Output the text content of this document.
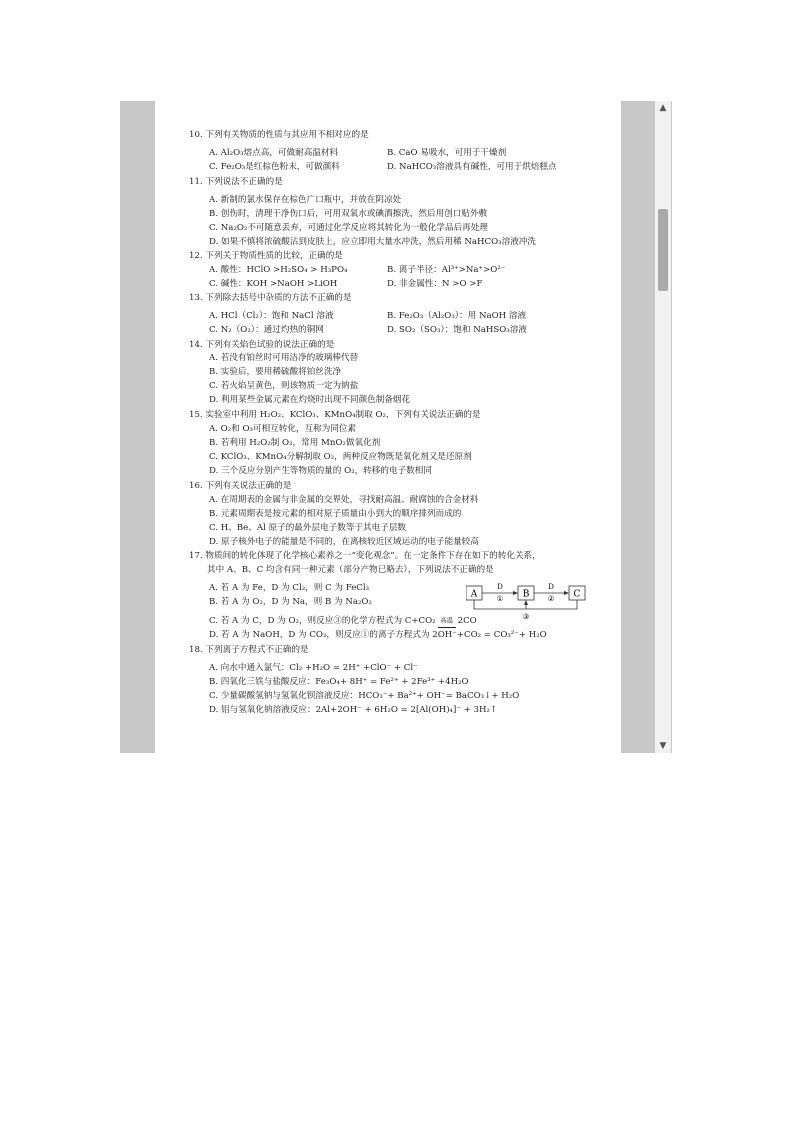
10. 下列有关物质的性质与其应用不相对应的是
A. Al₂O₃熔点高，可做耐高温材料	B. CaO 易吸水，可用于干燥剂
C. Fe₂O₃是红棕色粉末，可做颜料	D. NaHCO₃溶液具有碱性，可用于烘焙糕点
11. 下列说法不正确的是
A. 新制的氯水保存在棕色广口瓶中，并放在阴凉处
B. 创伤时，清理干净伤口后，可用双氧水或碘酒擦洗，然后用创口贴外敷
C. Na₂O₂不可随意丢弃，可通过化学反应将其转化为一般化学品后再处理
D. 如果不慎将浓硫酸沾到皮肤上，应立即用大量水冲洗，然后用稀 NaHCO₃溶液冲洗
12. 下列关于物质性质的比较，正确的是
A. 酸性：HClO >H₂SO₄ > H₃PO₄	B. 离子半径：Al³⁺>Na⁺>O²⁻
C. 碱性：KOH >NaOH >LiOH	D. 非金属性：N >O >F
13. 下列除去括号中杂质的方法不正确的是
A. HCl（Cl₂）：饱和 NaCl 溶液	B. Fe₂O₃（Al₂O₃）：用 NaOH 溶液
C. N₂（O₂）：通过灼热的铜网	D. SO₂（SO₃）：饱和 NaHSO₃溶液
14. 下列有关焰色试验的说法正确的是
A. 若没有铂丝时可用洁净的玻璃棒代替
B. 实验后，要用稀硫酸将铂丝洗净
C. 若火焰呈黄色，则该物质一定为钠盐
D. 利用某些金属元素在灼烧时出现不同颜色制备烟花
15. 实验室中利用 H₂O₂、KClO₃、KMnO₄制取 O₂，下列有关说法正确的是
A. O₂和 O₃可相互转化，互称为同位素
B. 若利用 H₂O₂制 O₂，常用 MnO₂做氧化剂
C. KClO₃、KMnO₄分解制取 O₂，两种反应物既是氧化剂又是还原剂
D. 三个反应分别产生等物质的量的 O₂，转移的电子数相同
16. 下列有关说法正确的是
A. 在周期表的金属与非金属的交界处，寻找耐高温、耐腐蚀的合金材料
B. 元素周期表是按元素的相对原子质量由小到大的顺序排列而成的
C. H、Be、Al 原子的最外层电子数等于其电子层数
D. 原子核外电子的能量是不同的，在离核较近区域运动的电子能量较高
17. 物质间的转化体现了化学核心素养之一“变化观念”。在一定条件下存在如下的转化关系，
其中 A、B、C 均含有同一种元素（部分产物已略去），下列说法不正确的是
A. 若 A 为 Fe，D 为 Cl₂，则 C 为 FeCl₃
B. 若 A 为 O₂，D 为 Na，则 B 为 Na₂O₂
C. 若 A 为 C，D 为 O₂，则反应③的化学方程式为 C+CO₂ 高温 2CO
D. 若 A 为 NaOH，D 为 CO₂，则反应①的离子方程式为 2OH⁻+CO₂ = CO₃²⁻+ H₂O
A	B	C
D
①
D
②
③
18. 下列离子方程式不正确的是
A. 向水中通入氯气：Cl₂ +H₂O = 2H⁺ +ClO⁻ + Cl⁻
B. 四氧化三铁与盐酸反应：Fe₃O₄+ 8H⁺ = Fe²⁺ + 2Fe³⁺ +4H₂O
C. 少量碳酸氢钠与氢氧化钡溶液反应：HCO₃⁻+ Ba²⁺+ OH⁻= BaCO₃↓+ H₂O
D. 铝与氢氧化钠溶液反应：2Al+2OH⁻ + 6H₂O = 2[Al(OH)₄]⁻ + 3H₂↑
▲
▼
